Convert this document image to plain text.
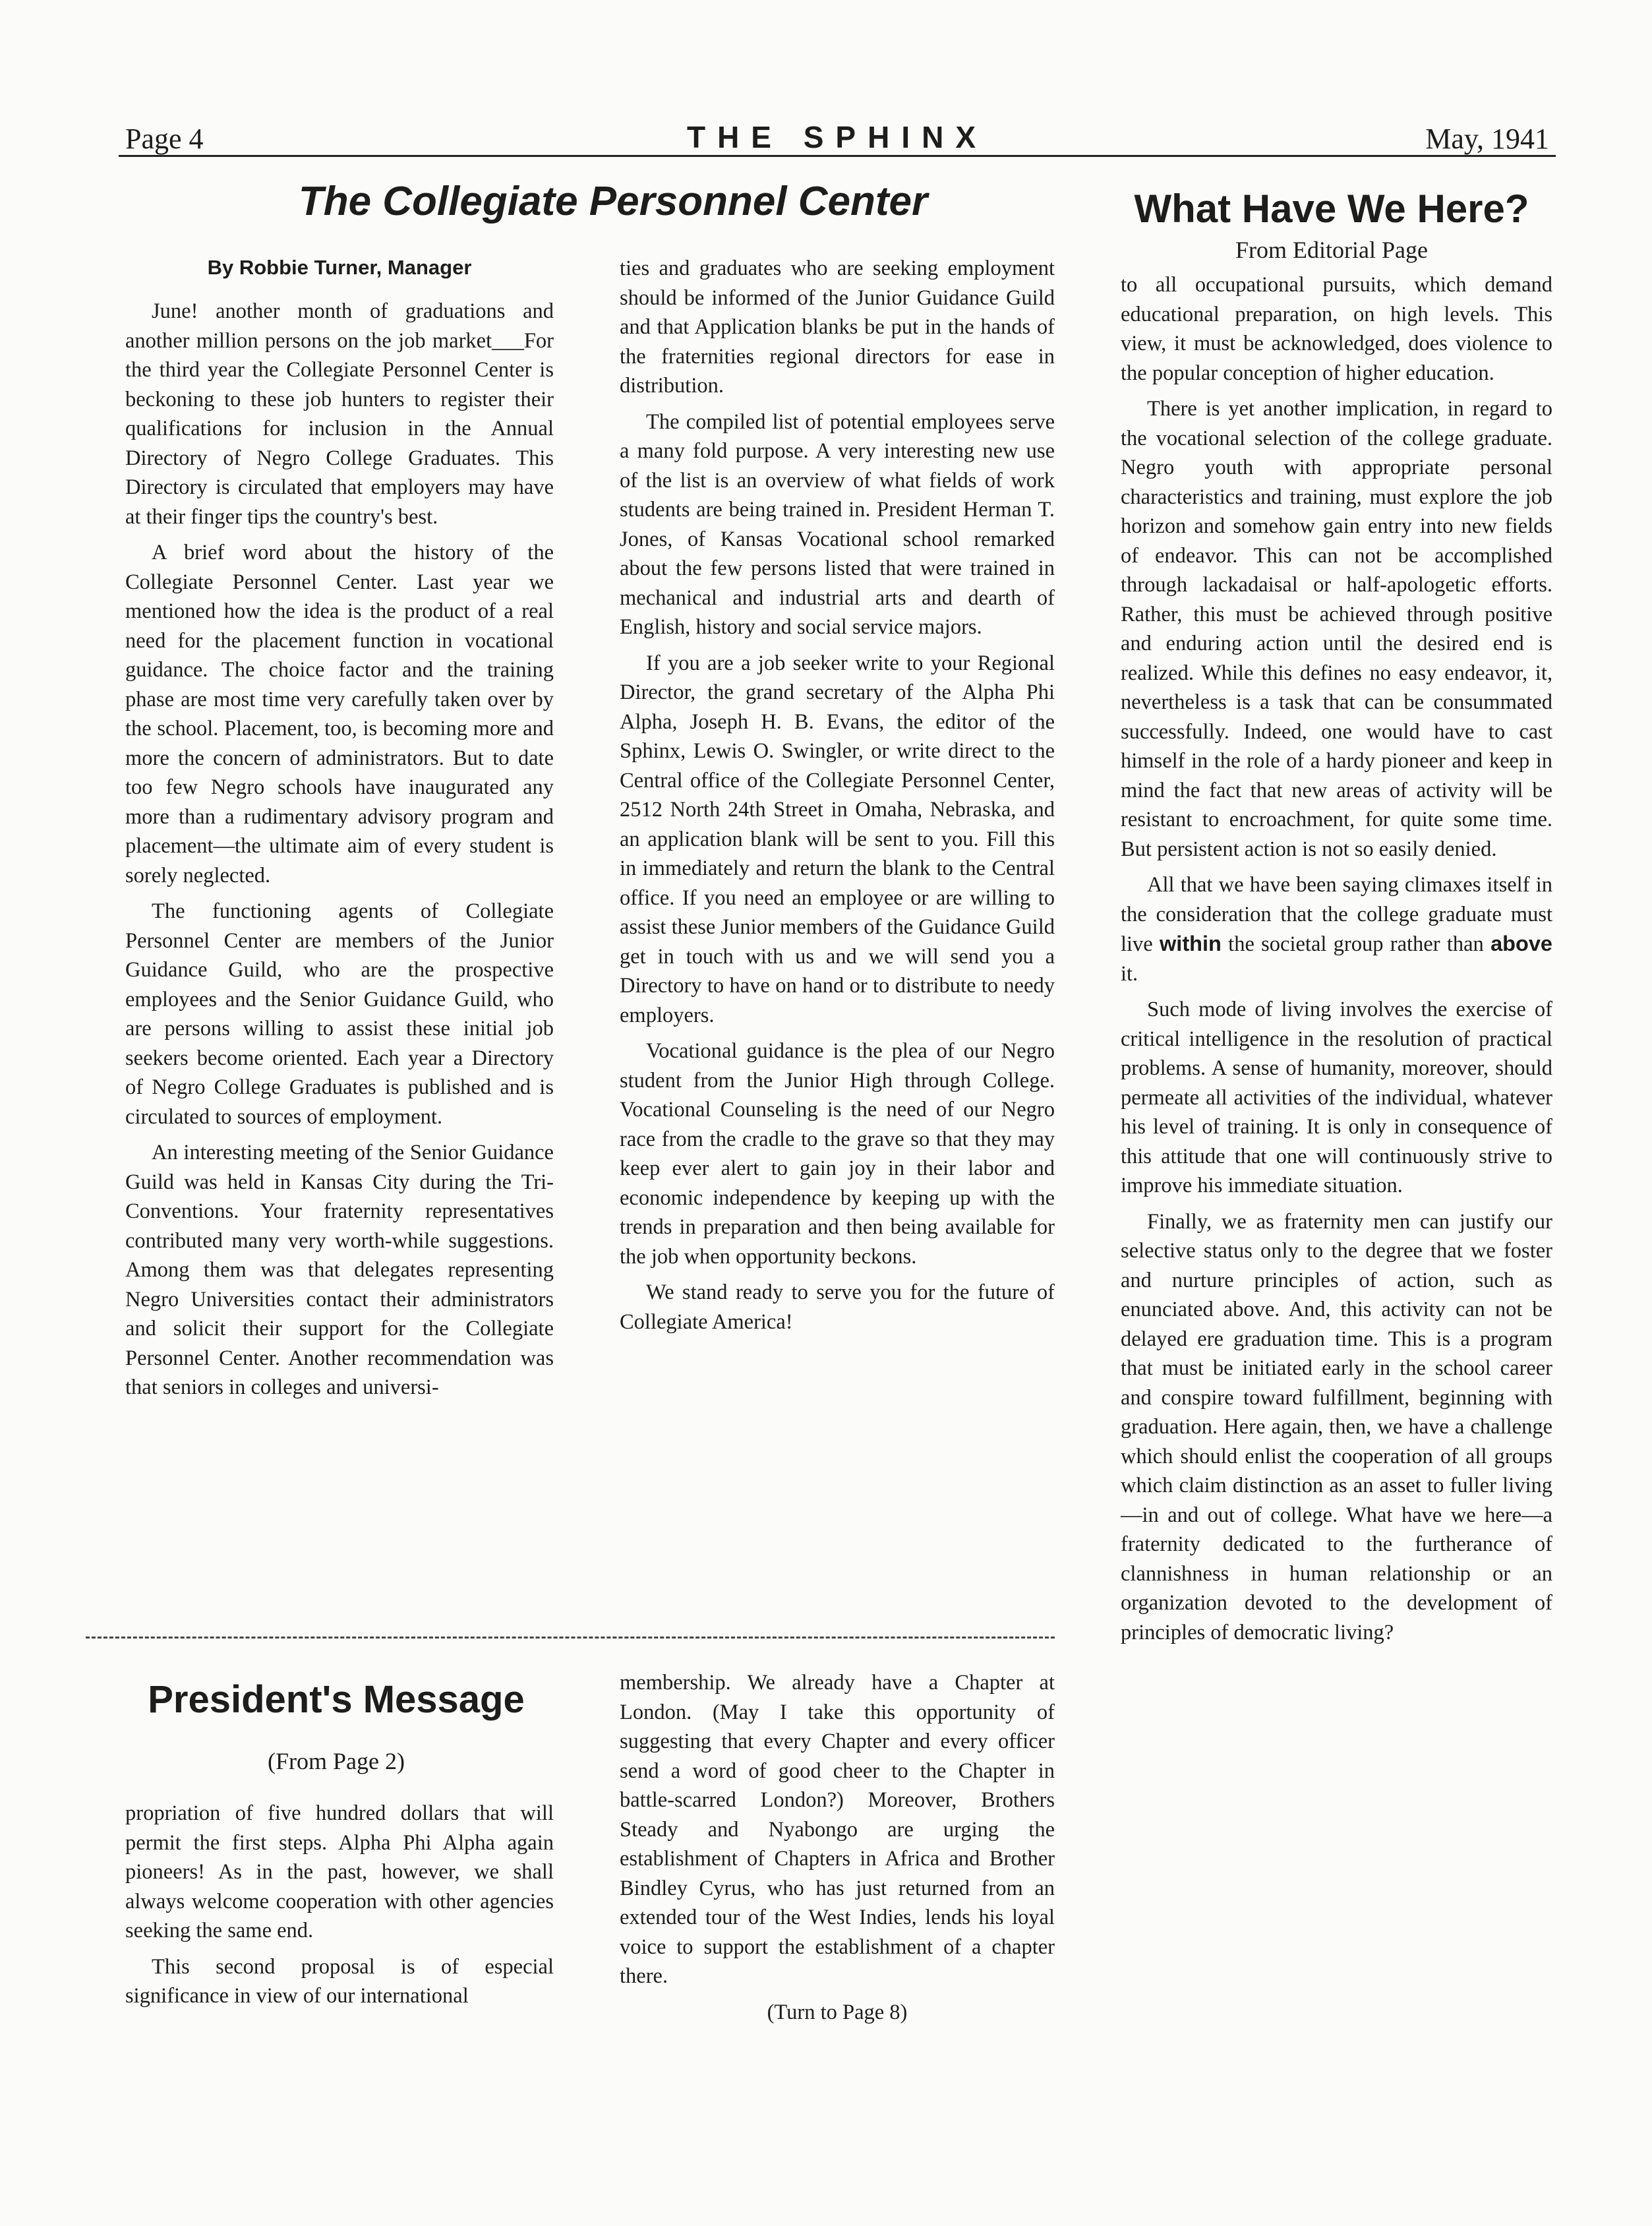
Page 4	THE SPHINX	May, 1941
The Collegiate Personnel Center
By Robbie Turner, Manager

June! another month of graduations and another million persons on the job market___For the third year the Collegiate Personnel Center is beckoning to these job hunters to register their qualifications for inclusion in the Annual Directory of Negro College Graduates. This Directory is circulated that employers may have at their finger tips the country's best.

A brief word about the history of the Collegiate Personnel Center. Last year we mentioned how the idea is the product of a real need for the placement function in vocational guidance. The choice factor and the training phase are most time very carefully taken over by the school. Placement, too, is becoming more and more the concern of administrators. But to date too few Negro schools have inaugurated any more than a rudimentary advisory program and placement—the ultimate aim of every student is sorely neglected.

The functioning agents of Collegiate Personnel Center are members of the Junior Guidance Guild, who are the prospective employees and the Senior Guidance Guild, who are persons willing to assist these initial job seekers become oriented. Each year a Directory of Negro College Graduates is published and is circulated to sources of employment.

An interesting meeting of the Senior Guidance Guild was held in Kansas City during the Tri-Conventions. Your fraternity representatives contributed many very worth-while suggestions. Among them was that delegates representing Negro Universities contact their administrators and solicit their support for the Collegiate Personnel Center. Another recommendation was that seniors in colleges and universi-

ties and graduates who are seeking employment should be informed of the Junior Guidance Guild and that Application blanks be put in the hands of the fraternities regional directors for ease in distribution.

The compiled list of potential employees serve a many fold purpose. A very interesting new use of the list is an overview of what fields of work students are being trained in. President Herman T. Jones, of Kansas Vocational school remarked about the few persons listed that were trained in mechanical and industrial arts and dearth of English, history and social service majors.

If you are a job seeker write to your Regional Director, the grand secretary of the Alpha Phi Alpha, Joseph H. B. Evans, the editor of the Sphinx, Lewis O. Swingler, or write direct to the Central office of the Collegiate Personnel Center, 2512 North 24th Street in Omaha, Nebraska, and an application blank will be sent to you. Fill this in immediately and return the blank to the Central office. If you need an employee or are willing to assist these Junior members of the Guidance Guild get in touch with us and we will send you a Directory to have on hand or to distribute to needy employers.

Vocational guidance is the plea of our Negro student from the Junior High through College. Vocational Counseling is the need of our Negro race from the cradle to the grave so that they may keep ever alert to gain joy in their labor and economic independence by keeping up with the trends in preparation and then being available for the job when opportunity beckons.

We stand ready to serve you for the future of Collegiate America!

What Have We Here?
From Editorial Page

to all occupational pursuits, which demand educational preparation, on high levels. This view, it must be acknowledged, does violence to the popular conception of higher education.

There is yet another implication, in regard to the vocational selection of the college graduate. Negro youth with appropriate personal characteristics and training, must explore the job horizon and somehow gain entry into new fields of endeavor. This can not be accomplished through lackadaisal or half-apologetic efforts. Rather, this must be achieved through positive and enduring action until the desired end is realized. While this defines no easy endeavor, it, nevertheless is a task that can be consummated successfully. Indeed, one would have to cast himself in the role of a hardy pioneer and keep in mind the fact that new areas of activity will be resistant to encroachment, for quite some time. But persistent action is not so easily denied.

All that we have been saying climaxes itself in the consideration that the college graduate must live within the societal group rather than above it.

Such mode of living involves the exercise of critical intelligence in the resolution of practical problems. A sense of humanity, moreover, should permeate all activities of the individual, whatever his level of training. It is only in consequence of this attitude that one will continuously strive to improve his immediate situation.

Finally, we as fraternity men can justify our selective status only to the degree that we foster and nurture principles of action, such as enunciated above. And, this activity can not be delayed ere graduation time. This is a program that must be initiated early in the school career and conspire toward fulfillment, beginning with graduation. Here again, then, we have a challenge which should enlist the cooperation of all groups which claim distinction as an asset to fuller living —in and out of college. What have we here—a fraternity dedicated to the furtherance of clannishness in human relationship or an organization devoted to the development of principles of democratic living?

President's Message
(From Page 2)

propriation of five hundred dollars that will permit the first steps. Alpha Phi Alpha again pioneers! As in the past, however, we shall always welcome cooperation with other agencies seeking the same end.

This second proposal is of especial significance in view of our international

membership. We already have a Chapter at London. (May I take this opportunity of suggesting that every Chapter and every officer send a word of good cheer to the Chapter in battle-scarred London?) Moreover, Brothers Steady and Nyabongo are urging the establishment of Chapters in Africa and Brother Bindley Cyrus, who has just returned from an extended tour of the West Indies, lends his loyal voice to support the establishment of a chapter there.

(Turn to Page 8)
